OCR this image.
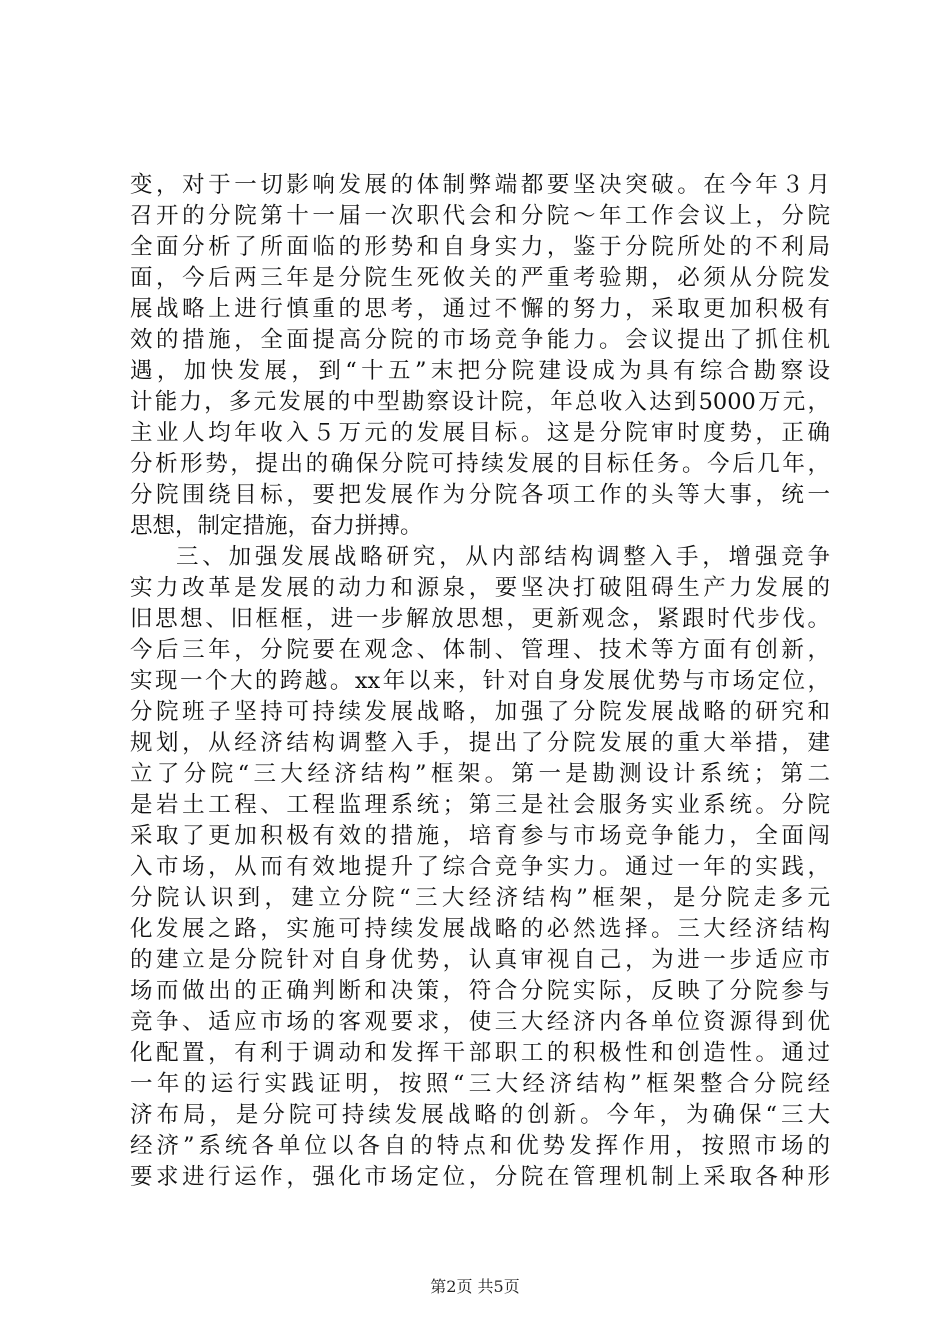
变，对于一切影响发展的体制弊端都要坚决突破。在今年３月
召开的分院第十一届一次职代会和分院～年工作会议上，分院
全面分析了所面临的形势和自身实力，鉴于分院所处的不利局
面，今后两三年是分院生死攸关的严重考验期，必须从分院发
展战略上进行慎重的思考，通过不懈的努力，采取更加积极有
效的措施，全面提高分院的市场竞争能力。会议提出了抓住机
遇，加快发展，到“十五”末把分院建设成为具有综合勘察设
计能力，多元发展的中型勘察设计院，年总收入达到5000万元，
主业人均年收入５万元的发展目标。这是分院审时度势，正确
分析形势，提出的确保分院可持续发展的目标任务。今后几年，
分院围绕目标，要把发展作为分院各项工作的头等大事，统一
思想，制定措施，奋力拼搏。
三、加强发展战略研究，从内部结构调整入手，增强竞争
实力改革是发展的动力和源泉，要坚决打破阻碍生产力发展的
旧思想、旧框框，进一步解放思想，更新观念，紧跟时代步伐。
今后三年，分院要在观念、体制、管理、技术等方面有创新，
实现一个大的跨越。xx年以来，针对自身发展优势与市场定位，
分院班子坚持可持续发展战略，加强了分院发展战略的研究和
规划，从经济结构调整入手，提出了分院发展的重大举措，建
立了分院“三大经济结构”框架。第一是勘测设计系统；第二
是岩土工程、工程监理系统；第三是社会服务实业系统。分院
采取了更加积极有效的措施，培育参与市场竞争能力，全面闯
入市场，从而有效地提升了综合竞争实力。通过一年的实践，
分院认识到，建立分院“三大经济结构”框架，是分院走多元
化发展之路，实施可持续发展战略的必然选择。三大经济结构
的建立是分院针对自身优势，认真审视自己，为进一步适应市
场而做出的正确判断和决策，符合分院实际，反映了分院参与
竞争、适应市场的客观要求，使三大经济内各单位资源得到优
化配置，有利于调动和发挥干部职工的积极性和创造性。通过
一年的运行实践证明，按照“三大经济结构”框架整合分院经
济布局，是分院可持续发展战略的创新。今年，为确保“三大
经济”系统各单位以各自的特点和优势发挥作用，按照市场的
要求进行运作，强化市场定位，分院在管理机制上采取各种形
第2页 共5页
